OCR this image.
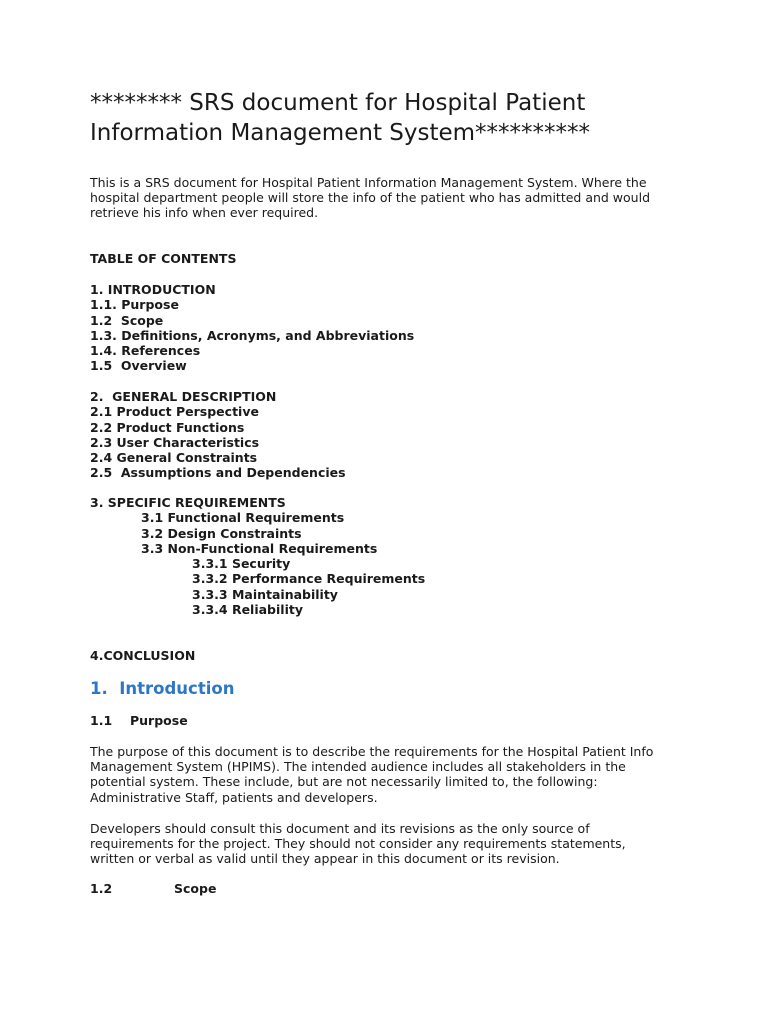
******** SRS document for Hospital Patient
Information Management System**********

This is a SRS document for Hospital Patient Information Management System. Where the hospital department people will store the info of the patient who has admitted and would retrieve his info when ever required.

TABLE OF CONTENTS

1. INTRODUCTION
1.1. Purpose
1.2  Scope
1.3. Definitions, Acronyms, and Abbreviations
1.4. References
1.5  Overview
2.  GENERAL DESCRIPTION
2.1 Product Perspective
2.2 Product Functions
2.3 User Characteristics
2.4 General Constraints
2.5  Assumptions and Dependencies
3. SPECIFIC REQUIREMENTS
3.1 Functional Requirements
3.2 Design Constraints
3.3 Non-Functional Requirements
3.3.1 Security
3.3.2 Performance Requirements
3.3.3 Maintainability
3.3.4 Reliability
4.CONCLUSION
1.  Introduction
1.1 Purpose

The purpose of this document is to describe the requirements for the Hospital Patient Info
Management System (HPIMS). The intended audience includes all stakeholders in the
potential system. These include, but are not necessarily limited to, the following:
Administrative Staff, patients and developers.

Developers should consult this document and its revisions as the only source of
requirements for the project. They should not consider any requirements statements,
written or verbal as valid until they appear in this document or its revision.

1.2	Scope
